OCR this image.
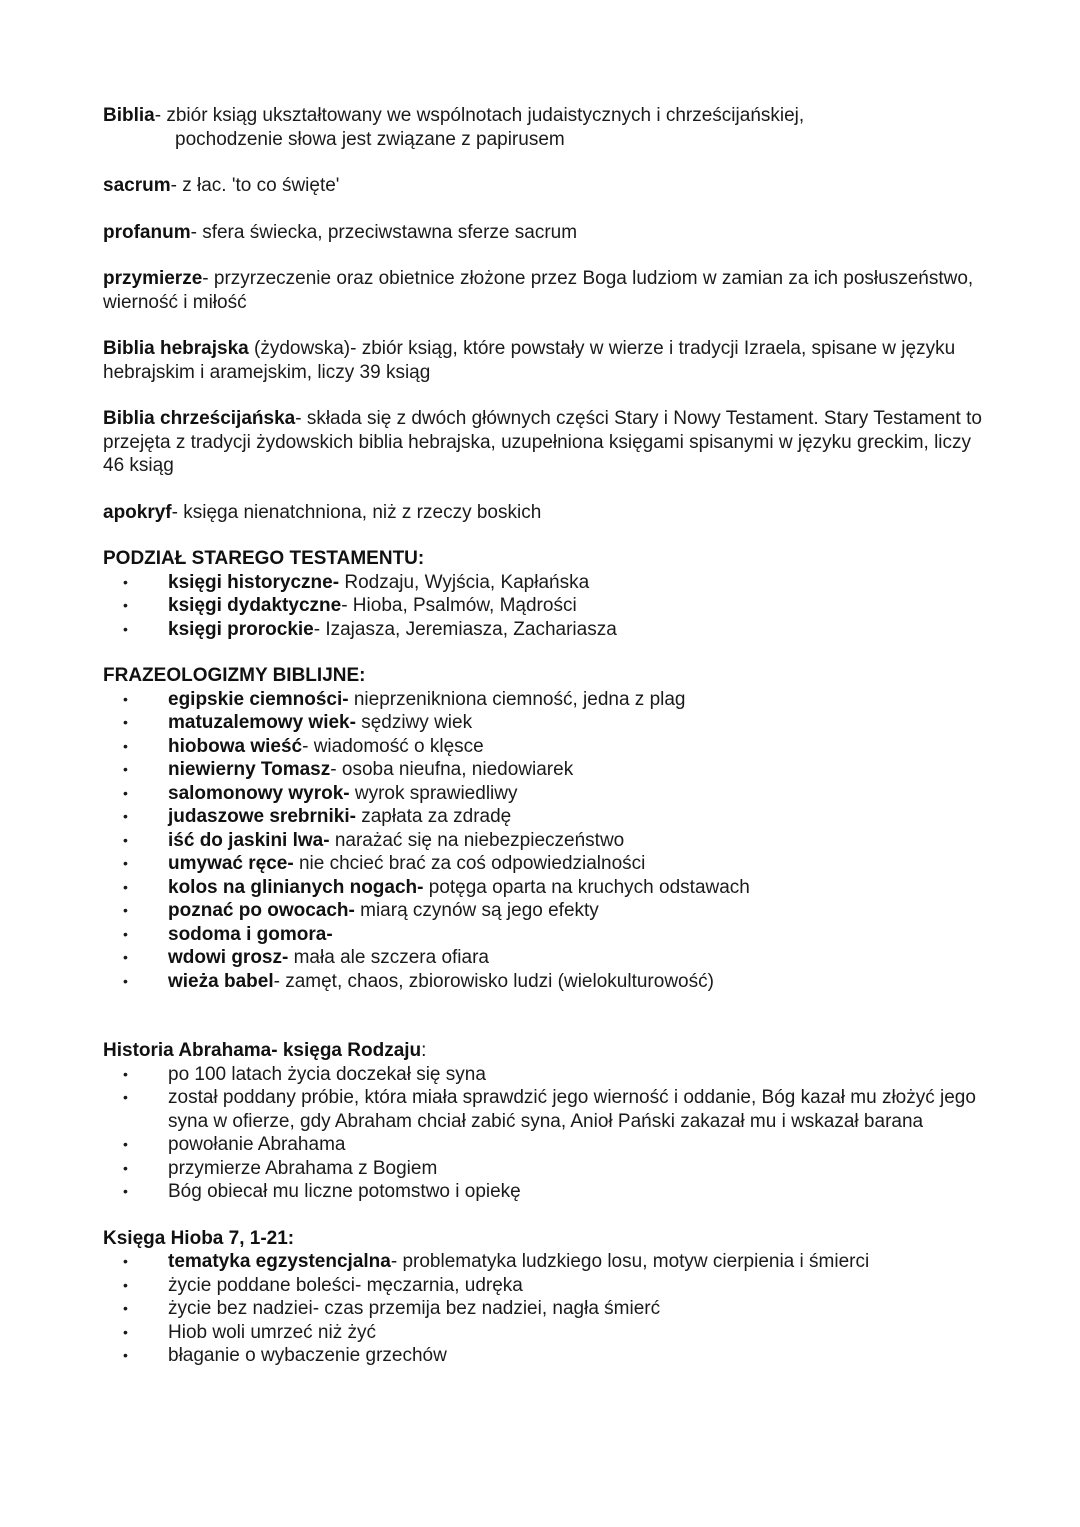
Biblia- zbiór ksiąg ukształtowany we wspólnotach judaistycznych i chrześcijańskiej,
pochodzenie słowa jest związane z papirusem

sacrum- z łac. 'to co święte'

profanum- sfera świecka, przeciwstawna sferze sacrum

przymierze- przyrzeczenie oraz obietnice złożone przez Boga ludziom w zamian za ich posłuszeństwo, wierność i miłość

Biblia hebrajska (żydowska)- zbiór ksiąg, które powstały w wierze i tradycji Izraela, spisane w języku hebrajskim i aramejskim, liczy 39 ksiąg

Biblia chrześcijańska- składa się z dwóch głównych części Stary i Nowy Testament. Stary Testament to przejęta z tradycji żydowskich biblia hebrajska, uzupełniona księgami spisanymi w języku greckim, liczy 46 ksiąg

apokryf- księga nienatchniona, niż z rzeczy boskich

PODZIAŁ STAREGO TESTAMENTU:

• księgi historyczne- Rodzaju, Wyjścia, Kapłańska
• księgi dydaktyczne- Hioba, Psalmów, Mądrości
• księgi prorockie- Izajasza, Jeremiasza, Zachariasza

FRAZEOLOGIZMY BIBLIJNE:

• egipskie ciemności- nieprzenikniona ciemność, jedna z plag
• matuzalemowy wiek- sędziwy wiek
• hiobowa wieść- wiadomość o klęsce
• niewierny Tomasz- osoba nieufna, niedowiarek
• salomonowy wyrok- wyrok sprawiedliwy
• judaszowe srebrniki- zapłata za zdradę
• iść do jaskini lwa- narażać się na niebezpieczeństwo
• umywać ręce- nie chcieć brać za coś odpowiedzialności
• kolos na glinianych nogach- potęga oparta na kruchych odstawach
• poznać po owocach- miarą czynów są jego efekty
• sodoma i gomora-
• wdowi grosz- mała ale szczera ofiara
• wieża babel- zamęt, chaos, zbiorowisko ludzi (wielokulturowość)

Historia Abrahama- księga Rodzaju:

• po 100 latach życia doczekał się syna
• został poddany próbie, która miała sprawdzić jego wierność i oddanie, Bóg kazał mu złożyć jego syna w ofierze, gdy Abraham chciał zabić syna, Anioł Pański zakazał mu i wskazał barana
• powołanie Abrahama
• przymierze Abrahama z Bogiem
• Bóg obiecał mu liczne potomstwo i opiekę

Księga Hioba 7, 1-21:

• tematyka egzystencjalna- problematyka ludzkiego losu, motyw cierpienia i śmierci
• życie poddane boleści- męczarnia, udręka
• życie bez nadziei- czas przemija bez nadziei, nagła śmierć
• Hiob woli umrzeć niż żyć
• błaganie o wybaczenie grzechów
